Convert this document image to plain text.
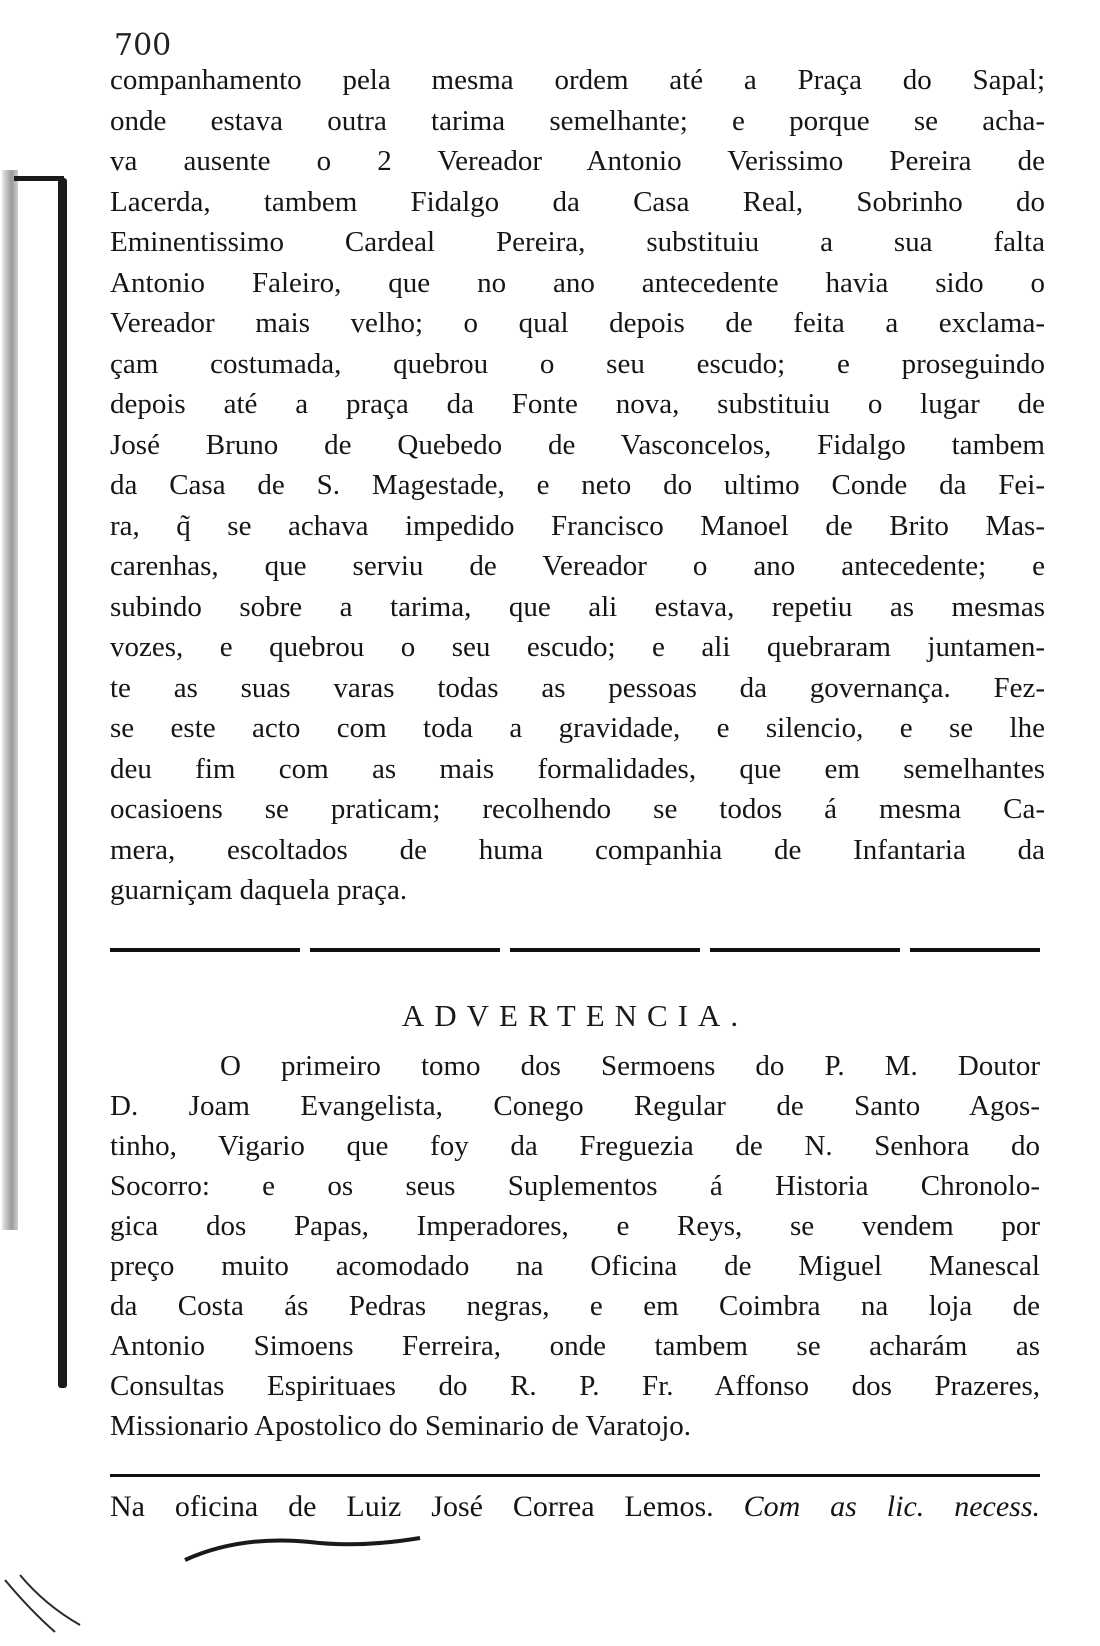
700
companhamento pela mesma ordem até a Praça do Sapal;
onde estava outra tarima semelhante; e porque se acha-
va ausente o 2 Vereador Antonio Verissimo Pereira de
Lacerda, tambem Fidalgo da Casa Real, Sobrinho do
Eminentissimo Cardeal Pereira, substituiu a sua falta
Antonio Faleiro, que no ano antecedente havia sido o
Vereador mais velho; o qual depois de feita a exclama-
çam costumada, quebrou o seu escudo; e proseguindo
depois até a praça da Fonte nova, substituiu o lugar de
José Bruno de Quebedo de Vasconcelos, Fidalgo tambem
da Casa de S. Magestade, e neto do ultimo Conde da Fei-
ra, q̃ se achava impedido Francisco Manoel de Brito Mas-
carenhas, que serviu de Vereador o ano antecedente; e
subindo sobre a tarima, que ali estava, repetiu as mesmas
vozes, e quebrou o seu escudo; e ali quebraram juntamen-
te as suas varas todas as pessoas da governança. Fez-
se este acto com toda a gravidade, e silencio, e se lhe
deu fim com as mais formalidades, que em semelhantes
ocasioens se praticam; recolhendo se todos á mesma Ca-
mera, escoltados de huma companhia de Infantaria da
guarniçam daquela praça.
ADVERTENCIA.
O primeiro tomo dos Sermoens do P. M. Doutor
D. Joam Evangelista, Conego Regular de Santo Agos-
tinho, Vigario que foy da Freguezia de N. Senhora do
Socorro: e os seus Suplementos á Historia Chronolo-
gica dos Papas, Imperadores, e Reys, se vendem por
preço muito acomodado na Oficina de Miguel Manescal
da Costa ás Pedras negras, e em Coimbra na loja de
Antonio Simoens Ferreira, onde tambem se acharám as
Consultas Espirituaes do R. P. Fr. Affonso dos Prazeres,
Missionario Apostolico do Seminario de Varatojo.
Na oficina de Luiz José Correa Lemos. Com as lic. necess.
